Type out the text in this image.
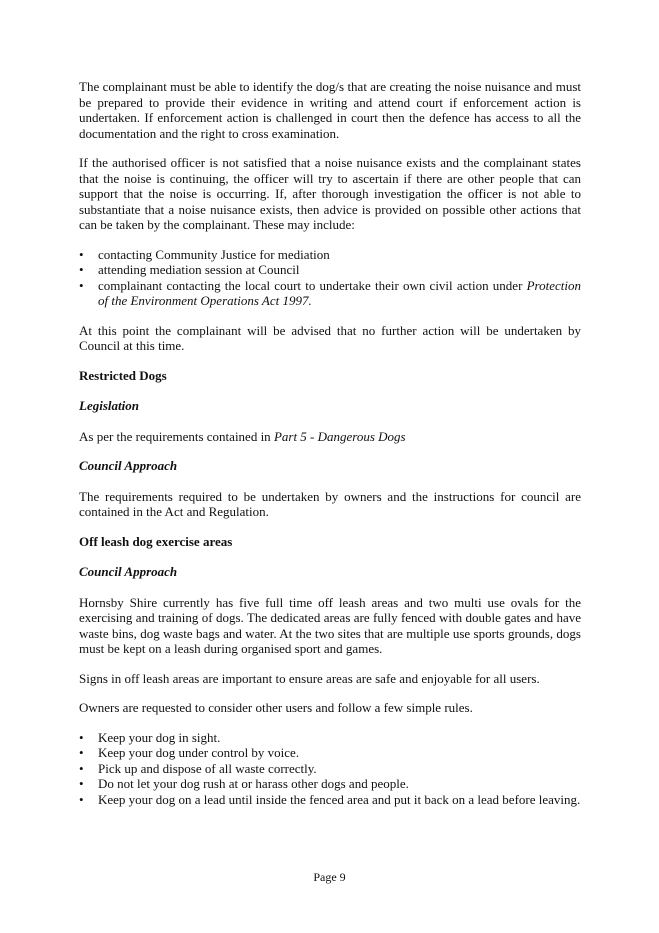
The complainant must be able to identify the dog/s that are creating the noise nuisance and must be prepared to provide their evidence in writing and attend court if enforcement action is undertaken. If enforcement action is challenged in court then the defence has access to all the documentation and the right to cross examination.

If the authorised officer is not satisfied that a noise nuisance exists and the complainant states that the noise is continuing, the officer will try to ascertain if there are other people that can support that the noise is occurring. If, after thorough investigation the officer is not able to substantiate that a noise nuisance exists, then advice is provided on possible other actions that can be taken by the complainant. These may include:

• contacting Community Justice for mediation
• attending mediation session at Council
• complainant contacting the local court to undertake their own civil action under Protection of the Environment Operations Act 1997.

At this point the complainant will be advised that no further action will be undertaken by Council at this time.

Restricted Dogs
Legislation

As per the requirements contained in Part 5 - Dangerous Dogs

Council Approach

The requirements required to be undertaken by owners and the instructions for council are contained in the Act and Regulation.

Off leash dog exercise areas
Council Approach

Hornsby Shire currently has five full time off leash areas and two multi use ovals for the exercising and training of dogs. The dedicated areas are fully fenced with double gates and have waste bins, dog waste bags and water. At the two sites that are multiple use sports grounds, dogs must be kept on a leash during organised sport and games.

Signs in off leash areas are important to ensure areas are safe and enjoyable for all users.

Owners are requested to consider other users and follow a few simple rules.

• Keep your dog in sight.
• Keep your dog under control by voice.
• Pick up and dispose of all waste correctly.
• Do not let your dog rush at or harass other dogs and people.
• Keep your dog on a lead until inside the fenced area and put it back on a lead before leaving.
Page 9
